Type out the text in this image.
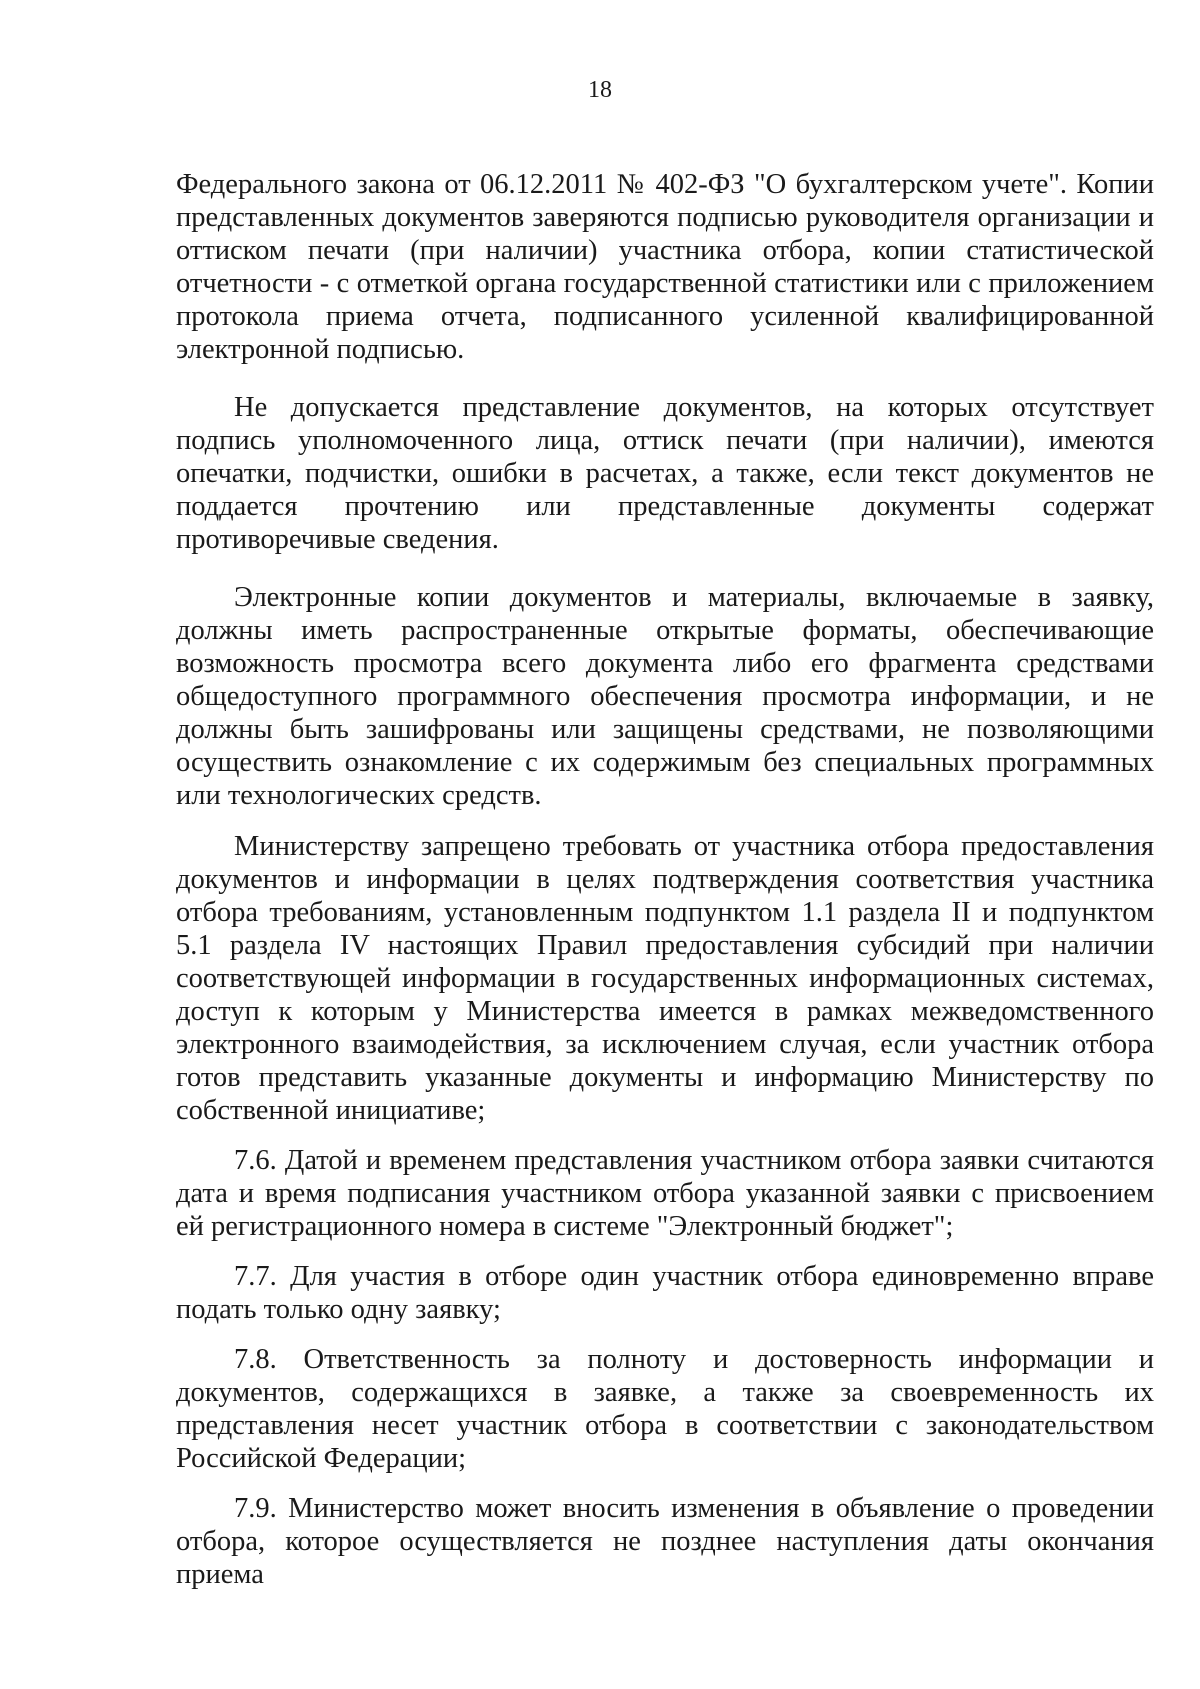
18

Федерального закона от 06.12.2011 № 402-ФЗ "О бухгалтерском учете". Копии представленных документов заверяются подписью руководителя организации и оттиском печати (при наличии) участника отбора, копии статистической отчетности - с отметкой органа государственной статистики или с приложением протокола приема отчета, подписанного усиленной квалифицированной электронной подписью.

Не допускается представление документов, на которых отсутствует подпись уполномоченного лица, оттиск печати (при наличии), имеются опечатки, подчистки, ошибки в расчетах, а также, если текст документов не поддается прочтению или представленные документы содержат противоречивые сведения.

Электронные копии документов и материалы, включаемые в заявку, должны иметь распространенные открытые форматы, обеспечивающие возможность просмотра всего документа либо его фрагмента средствами общедоступного программного обеспечения просмотра информации, и не должны быть зашифрованы или защищены средствами, не позволяющими осуществить ознакомление с их содержимым без специальных программных или технологических средств.

Министерству запрещено требовать от участника отбора предоставления документов и информации в целях подтверждения соответствия участника отбора требованиям, установленным подпунктом 1.1 раздела II и подпунктом 5.1 раздела IV настоящих Правил предоставления субсидий при наличии соответствующей информации в государственных информационных системах, доступ к которым у Министерства имеется в рамках межведомственного электронного взаимодействия, за исключением случая, если участник отбора готов представить указанные документы и информацию Министерству по собственной инициативе;

7.6. Датой и временем представления участником отбора заявки считаются дата и время подписания участником отбора указанной заявки с присвоением ей регистрационного номера в системе "Электронный бюджет";

7.7. Для участия в отборе один участник отбора единовременно вправе подать только одну заявку;

7.8. Ответственность за полноту и достоверность информации и документов, содержащихся в заявке, а также за своевременность их представления несет участник отбора в соответствии с законодательством Российской Федерации;

7.9. Министерство может вносить изменения в объявление о проведении отбора, которое осуществляется не позднее наступления даты окончания приема
